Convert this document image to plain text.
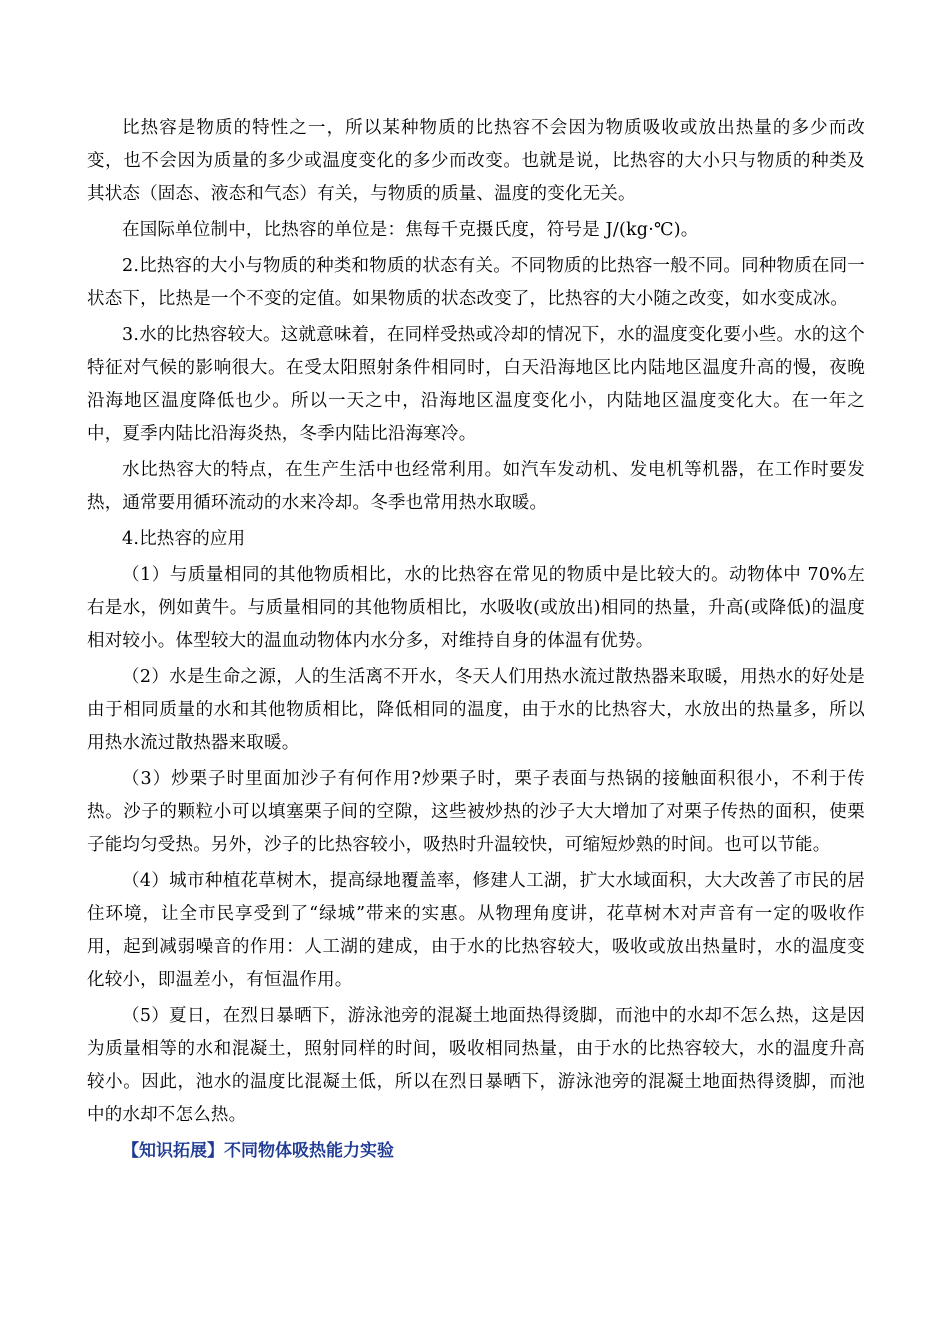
比热容是物质的特性之一，所以某种物质的比热容不会因为物质吸收或放出热量的多少而改变，也不会因为质量的多少或温度变化的多少而改变。也就是说，比热容的大小只与物质的种类及其状态（固态、液态和气态）有关，与物质的质量、温度的变化无关。

在国际单位制中，比热容的单位是：焦每千克摄氏度，符号是 J/(kg·℃)。

2.比热容的大小与物质的种类和物质的状态有关。不同物质的比热容一般不同。同种物质在同一状态下，比热是一个不变的定值。如果物质的状态改变了，比热容的大小随之改变，如水变成冰。

3.水的比热容较大。这就意味着，在同样受热或冷却的情况下，水的温度变化要小些。水的这个特征对气候的影响很大。在受太阳照射条件相同时，白天沿海地区比内陆地区温度升高的慢，夜晚沿海地区温度降低也少。所以一天之中，沿海地区温度变化小，内陆地区温度变化大。在一年之中，夏季内陆比沿海炎热，冬季内陆比沿海寒冷。

水比热容大的特点，在生产生活中也经常利用。如汽车发动机、发电机等机器，在工作时要发热，通常要用循环流动的水来冷却。冬季也常用热水取暖。

4.比热容的应用

（1）与质量相同的其他物质相比，水的比热容在常见的物质中是比较大的。动物体中 70%左右是水，例如黄牛。与质量相同的其他物质相比，水吸收(或放出)相同的热量，升高(或降低)的温度相对较小。体型较大的温血动物体内水分多，对维持自身的体温有优势。

（2）水是生命之源，人的生活离不开水，冬天人们用热水流过散热器来取暖，用热水的好处是由于相同质量的水和其他物质相比，降低相同的温度，由于水的比热容大，水放出的热量多，所以用热水流过散热器来取暖。

（3）炒栗子时里面加沙子有何作用?炒栗子时，栗子表面与热锅的接触面积很小，不利于传热。沙子的颗粒小可以填塞栗子间的空隙，这些被炒热的沙子大大增加了对栗子传热的面积，使栗子能均匀受热。另外，沙子的比热容较小，吸热时升温较快，可缩短炒熟的时间。也可以节能。

（4）城市种植花草树木，提高绿地覆盖率，修建人工湖，扩大水域面积，大大改善了市民的居住环境，让全市民享受到了“绿城”带来的实惠。从物理角度讲，花草树木对声音有一定的吸收作用，起到减弱噪音的作用：人工湖的建成，由于水的比热容较大，吸收或放出热量时，水的温度变化较小，即温差小，有恒温作用。

（5）夏日，在烈日暴晒下，游泳池旁的混凝土地面热得烫脚，而池中的水却不怎么热，这是因为质量相等的水和混凝土，照射同样的时间，吸收相同热量，由于水的比热容较大，水的温度升高较小。因此，池水的温度比混凝土低，所以在烈日暴晒下，游泳池旁的混凝土地面热得烫脚，而池中的水却不怎么热。

【知识拓展】不同物体吸热能力实验
